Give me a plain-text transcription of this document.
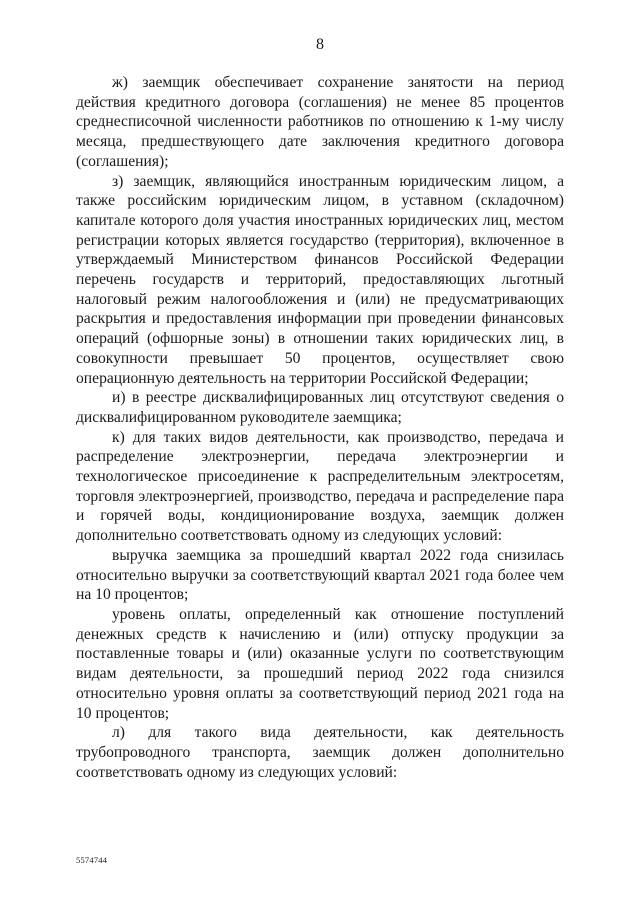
8

ж) заемщик обеспечивает сохранение занятости на период действия кредитного договора (соглашения) не менее 85 процентов среднесписочной численности работников по отношению к 1-му числу месяца, предшествующего дате заключения кредитного договора (соглашения);

з) заемщик, являющийся иностранным юридическим лицом, а также российским юридическим лицом, в уставном (складочном) капитале которого доля участия иностранных юридических лиц, местом регистрации которых является государство (территория), включенное в утверждаемый Министерством финансов Российской Федерации перечень государств и территорий, предоставляющих льготный налоговый режим налогообложения и (или) не предусматривающих раскрытия и предоставления информации при проведении финансовых операций (офшорные зоны) в отношении таких юридических лиц, в совокупности превышает 50 процентов, осуществляет свою операционную деятельность на территории Российской Федерации;

и) в реестре дисквалифицированных лиц отсутствуют сведения о дисквалифицированном руководителе заемщика;

к) для таких видов деятельности, как производство, передача и распределение электроэнергии, передача электроэнергии и технологическое присоединение к распределительным электросетям, торговля электроэнергией, производство, передача и распределение пара и горячей воды, кондиционирование воздуха, заемщик должен дополнительно соответствовать одному из следующих условий:

выручка заемщика за прошедший квартал 2022 года снизилась относительно выручки за соответствующий квартал 2021 года более чем на 10 процентов;

уровень оплаты, определенный как отношение поступлений денежных средств к начислению и (или) отпуску продукции за поставленные товары и (или) оказанные услуги по соответствующим видам деятельности, за прошедший период 2022 года снизился относительно уровня оплаты за соответствующий период 2021 года на 10 процентов;

л) для такого вида деятельности, как деятельность трубопроводного транспорта, заемщик должен дополнительно соответствовать одному из следующих условий:

5574744
